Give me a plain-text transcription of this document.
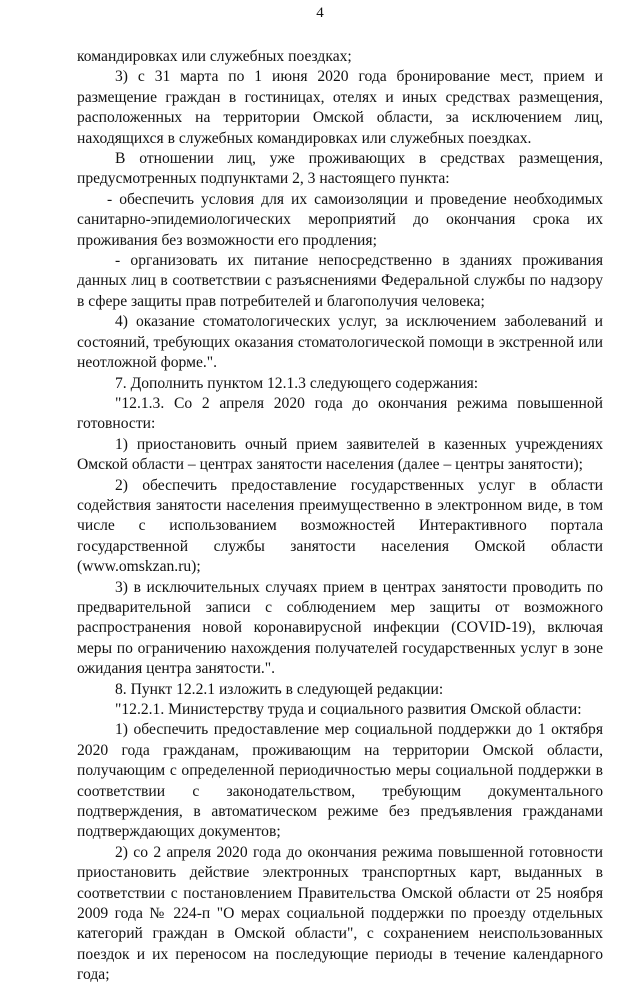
4

командировках или служебных поездках;

3) с 31 марта по 1 июня 2020 года бронирование мест, прием и размещение граждан в гостиницах, отелях и иных средствах размещения, расположенных на территории Омской области, за исключением лиц, находящихся в служебных командировках или служебных поездках.

В отношении лиц, уже проживающих в средствах размещения, предусмотренных подпунктами 2, 3 настоящего пункта:

- обеспечить условия для их самоизоляции и проведение необходимых санитарно-эпидемиологических мероприятий до окончания срока их проживания без возможности его продления;

- организовать их питание непосредственно в зданиях проживания данных лиц в соответствии с разъяснениями Федеральной службы по надзору в сфере защиты прав потребителей и благополучия человека;

4) оказание стоматологических услуг, за исключением заболеваний и состояний, требующих оказания стоматологической помощи в экстренной или неотложной форме.".

7. Дополнить пунктом 12.1.3 следующего содержания:

"12.1.3. Со 2 апреля 2020 года до окончания режима повышенной готовности:

1) приостановить очный прием заявителей в казенных учреждениях Омской области – центрах занятости населения (далее – центры занятости);

2) обеспечить предоставление государственных услуг в области содействия занятости населения преимущественно в электронном виде, в том числе с использованием возможностей Интерактивного портала государственной службы занятости населения Омской области (www.omskzan.ru);

3) в исключительных случаях прием в центрах занятости проводить по предварительной записи с соблюдением мер защиты от возможного распространения новой коронавирусной инфекции (COVID-19), включая меры по ограничению нахождения получателей государственных услуг в зоне ожидания центра занятости.".

8. Пункт 12.2.1 изложить в следующей редакции:

"12.2.1. Министерству труда и социального развития Омской области:

1) обеспечить предоставление мер социальной поддержки до 1 октября 2020 года гражданам, проживающим на территории Омской области, получающим с определенной периодичностью меры социальной поддержки в соответствии с законодательством, требующим документального подтверждения, в автоматическом режиме без предъявления гражданами подтверждающих документов;

2) со 2 апреля 2020 года до окончания режима повышенной готовности приостановить действие электронных транспортных карт, выданных в соответствии с постановлением Правительства Омской области от 25 ноября 2009 года № 224-п "О мерах социальной поддержки по проезду отдельных категорий граждан в Омской области", с сохранением неиспользованных поездок и их переносом на последующие периоды в течение календарного года;
